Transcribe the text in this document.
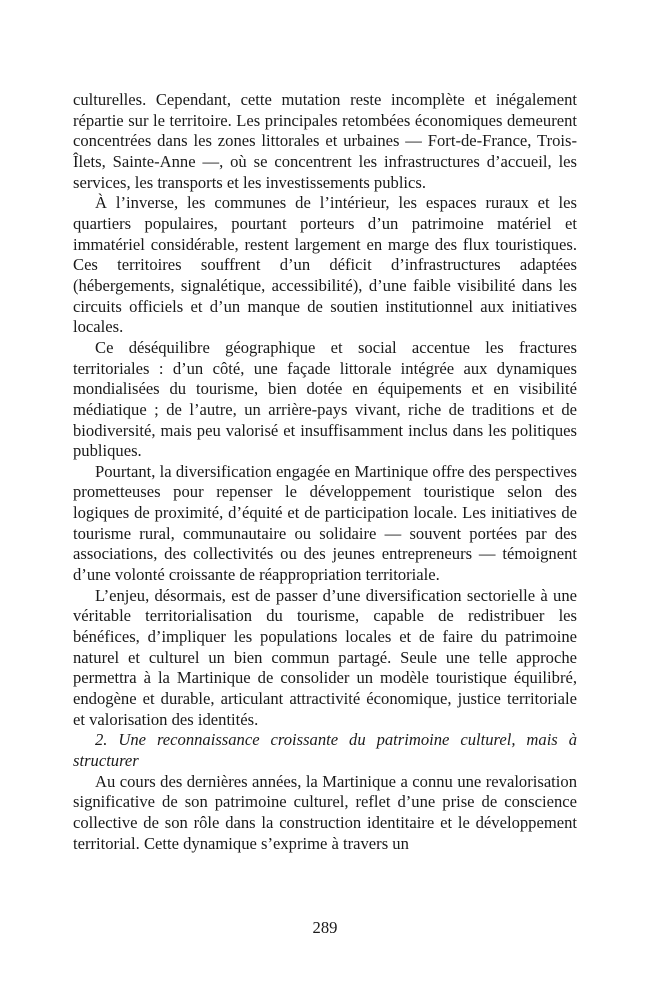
culturelles. Cependant, cette mutation reste incomplète et inégalement répartie sur le territoire. Les principales retombées économiques demeurent concentrées dans les zones littorales et urbaines — Fort-de-France, Trois-Îlets, Sainte-Anne —, où se concentrent les infrastructures d’accueil, les services, les transports et les investissements publics.

À l’inverse, les communes de l’intérieur, les espaces ruraux et les quartiers populaires, pourtant porteurs d’un patrimoine matériel et immatériel considérable, restent largement en marge des flux touristiques. Ces territoires souffrent d’un déficit d’infrastructures adaptées (hébergements, signalétique, accessibilité), d’une faible visibilité dans les circuits officiels et d’un manque de soutien institutionnel aux initiatives locales.

Ce déséquilibre géographique et social accentue les fractures territoriales : d’un côté, une façade littorale intégrée aux dynamiques mondialisées du tourisme, bien dotée en équipements et en visibilité médiatique ; de l’autre, un arrière-pays vivant, riche de traditions et de biodiversité, mais peu valorisé et insuffisamment inclus dans les politiques publiques.

Pourtant, la diversification engagée en Martinique offre des perspectives prometteuses pour repenser le développement touristique selon des logiques de proximité, d’équité et de participation locale. Les initiatives de tourisme rural, communautaire ou solidaire — souvent portées par des associations, des collectivités ou des jeunes entrepreneurs — témoignent d’une volonté croissante de réappropriation territoriale.

L’enjeu, désormais, est de passer d’une diversification sectorielle à une véritable territorialisation du tourisme, capable de redistribuer les bénéfices, d’impliquer les populations locales et de faire du patrimoine naturel et culturel un bien commun partagé. Seule une telle approche permettra à la Martinique de consolider un modèle touristique équilibré, endogène et durable, articulant attractivité économique, justice territoriale et valorisation des identités.

2. Une reconnaissance croissante du patrimoine culturel, mais à structurer

Au cours des dernières années, la Martinique a connu une revalorisation significative de son patrimoine culturel, reflet d’une prise de conscience collective de son rôle dans la construction identitaire et le développement territorial. Cette dynamique s’exprime à travers un

289
